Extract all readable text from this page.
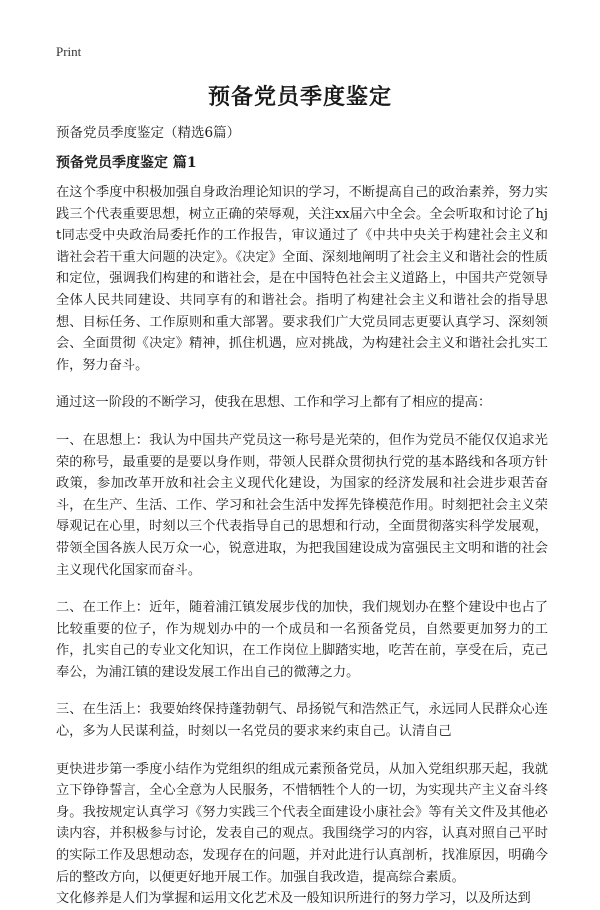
Print
预备党员季度鉴定

预备党员季度鉴定（精选6篇）

预备党员季度鉴定 篇1

在这个季度中积极加强自身政治理论知识的学习，不断提高自己的政治素养，努力实践三个代表重要思想，树立正确的荣辱观，关注xx届六中全会。全会听取和讨论了hjt同志受中央政治局委托作的工作报告，审议通过了《中共中央关于构建社会主义和谐社会若干重大问题的决定》。《决定》全面、深刻地阐明了社会主义和谐社会的性质和定位，强调我们构建的和谐社会，是在中国特色社会主义道路上，中国共产党领导全体人民共同建设、共同享有的和谐社会。指明了构建社会主义和谐社会的指导思想、目标任务、工作原则和重大部署。要求我们广大党员同志更要认真学习、深刻领会、全面贯彻《决定》精神，抓住机遇，应对挑战，为构建社会主义和谐社会扎实工作，努力奋斗。

通过这一阶段的不断学习，使我在思想、工作和学习上都有了相应的提高：

一、在思想上：我认为中国共产党员这一称号是光荣的，但作为党员不能仅仅追求光荣的称号，最重要的是要以身作则，带领人民群众贯彻执行党的基本路线和各项方针政策，参加改革开放和社会主义现代化建设，为国家的经济发展和社会进步艰苦奋斗，在生产、生活、工作、学习和社会生活中发挥先锋模范作用。时刻把社会主义荣辱观记在心里，时刻以三个代表指导自己的思想和行动，全面贯彻落实科学发展观，带领全国各族人民万众一心，锐意进取，为把我国建设成为富强民主文明和谐的社会主义现代化国家而奋斗。

二、在工作上：近年，随着浦江镇发展步伐的加快，我们规划办在整个建设中也占了比较重要的位子，作为规划办中的一个成员和一名预备党员，自然要更加努力的工作，扎实自己的专业文化知识，在工作岗位上脚踏实地，吃苦在前，享受在后，克己奉公，为浦江镇的建设发展工作出自己的微薄之力。

三、在生活上：我要始终保持蓬勃朝气、昂扬锐气和浩然正气，永远同人民群众心连心，多为人民谋利益，时刻以一名党员的要求来约束自己。认清自己

更快进步第一季度小结作为党组织的组成元素预备党员，从加入党组织那天起，我就立下铮铮誓言，全心全意为人民服务，不惜牺牲个人的一切，为实现共产主义奋斗终身。我按规定认真学习《努力实践三个代表全面建设小康社会》等有关文件及其他必读内容，并积极参与讨论，发表自己的观点。我围绕学习的内容，认真对照自己平时的实际工作及思想动态，发现存在的问题，并对此进行认真剖析，找准原因，明确今后的整改方向，以便更好地开展工作。加强自我改造，提高综合素质。

文化修养是人们为掌握和运用文化艺术及一般知识所进行的努力学习，以及所达到
